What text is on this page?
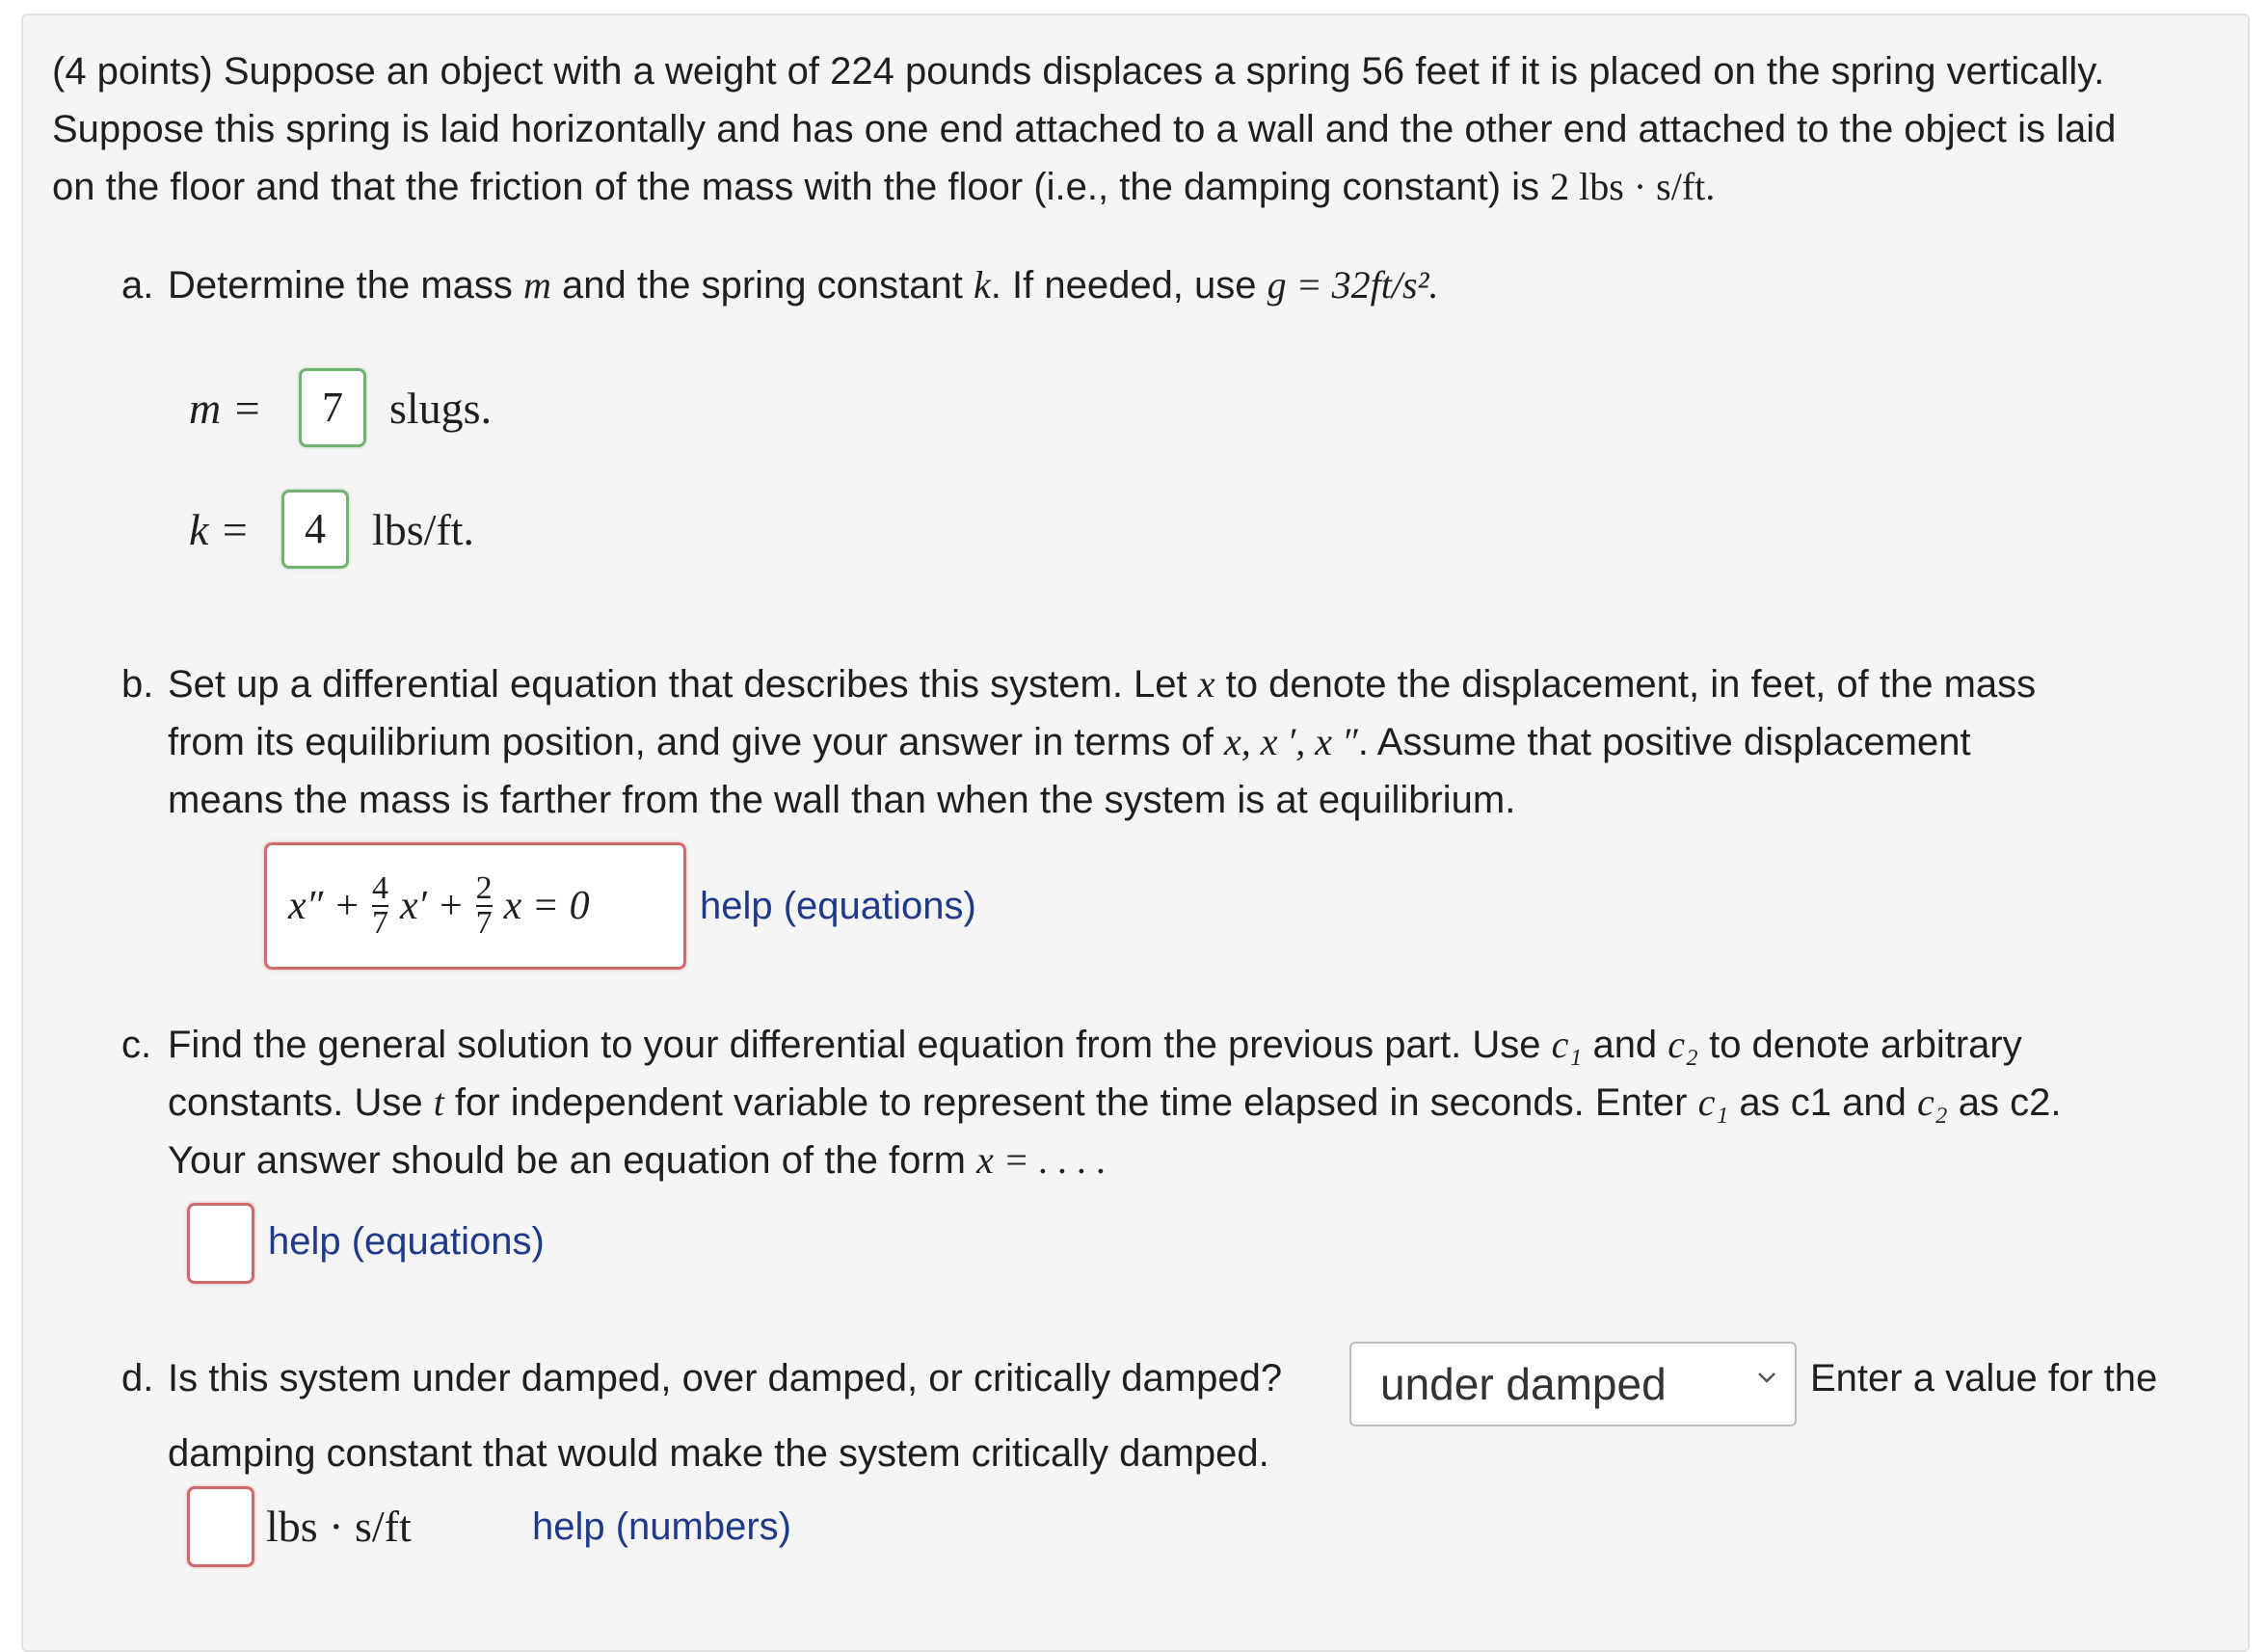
(4 points) Suppose an object with a weight of 224 pounds displaces a spring 56 feet if it is placed on the spring vertically.

Suppose this spring is laid horizontally and has one end attached to a wall and the other end attached to the object is laid

on the floor and that the friction of the mass with the floor (i.e., the damping constant) is 2 lbs · s/ft.

a. Determine the mass m and the spring constant k. If needed, use g = 32ft/s².
m =	7	slugs.
k =	4	lbs/ft.
b. Set up a differential equation that describes this system. Let x to denote the displacement, in feet, of the mass
from its equilibrium position, and give your answer in terms of x, x ′, x ″. Assume that positive displacement
means the mass is farther from the wall than when the system is at equilibrium.
$x'' + \frac{4}{7} x' + \frac{2}{7}$ x = 0	help (equations)
c. Find the general solution to your differential equation from the previous part. Use c₁ and c₂ to denote arbitrary
constants. Use t for independent variable to represent the time elapsed in seconds. Enter c₁ as c1 and c₂ as c2.
Your answer should be an equation of the form x = . . . .
help (equations)
d. Is this system under damped, over damped, or critically damped? under damped	Enter a value for the
damping constant that would make the system critically damped.
lbs · s/ft	help (numbers)
